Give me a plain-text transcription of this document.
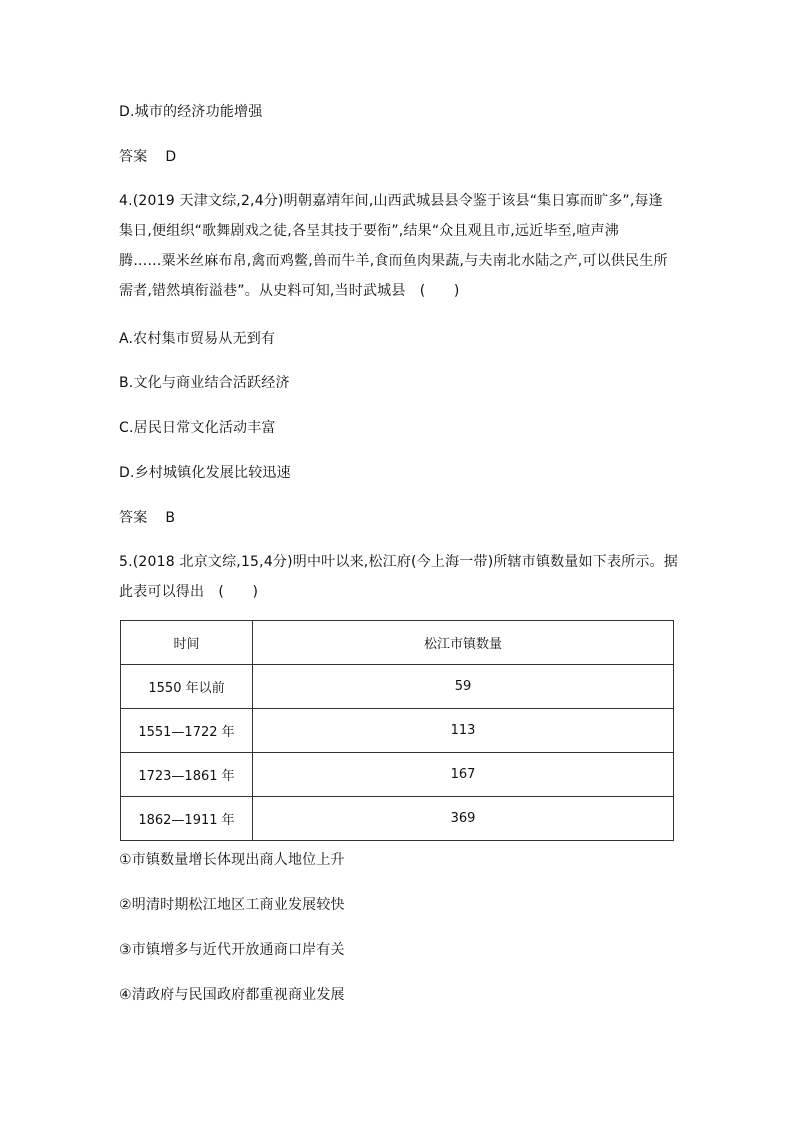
D.城市的经济功能增强
答案 D
4.(2019 天津文综,2,4分)明朝嘉靖年间,山西武城县县令鉴于该县“集日寡而旷多”,每逢
集日,便组织“歌舞剧戏之徒,各呈其技于要衔”,结果“众且观且市,远近毕至,喧声沸
腾……粟米丝麻布帛,禽而鸡鳖,兽而牛羊,食而鱼肉果蔬,与夫南北水陆之产,可以供民生所
需者,错然填衔溢巷”。从史料可知,当时武城县　(　　)
A.农村集市贸易从无到有
B.文化与商业结合活跃经济
C.居民日常文化活动丰富
D.乡村城镇化发展比较迅速
答案 B
5.(2018 北京文综,15,4分)明中叶以来,松江府(今上海一带)所辖市镇数量如下表所示。据
此表可以得出　(　　)
时间	松江市镇数量
1550 年以前	59
1551—1722 年	113
1723—1861 年	167
1862—1911 年	369
①市镇数量增长体现出商人地位上升
②明清时期松江地区工商业发展较快
③市镇增多与近代开放通商口岸有关
④清政府与民国政府都重视商业发展
